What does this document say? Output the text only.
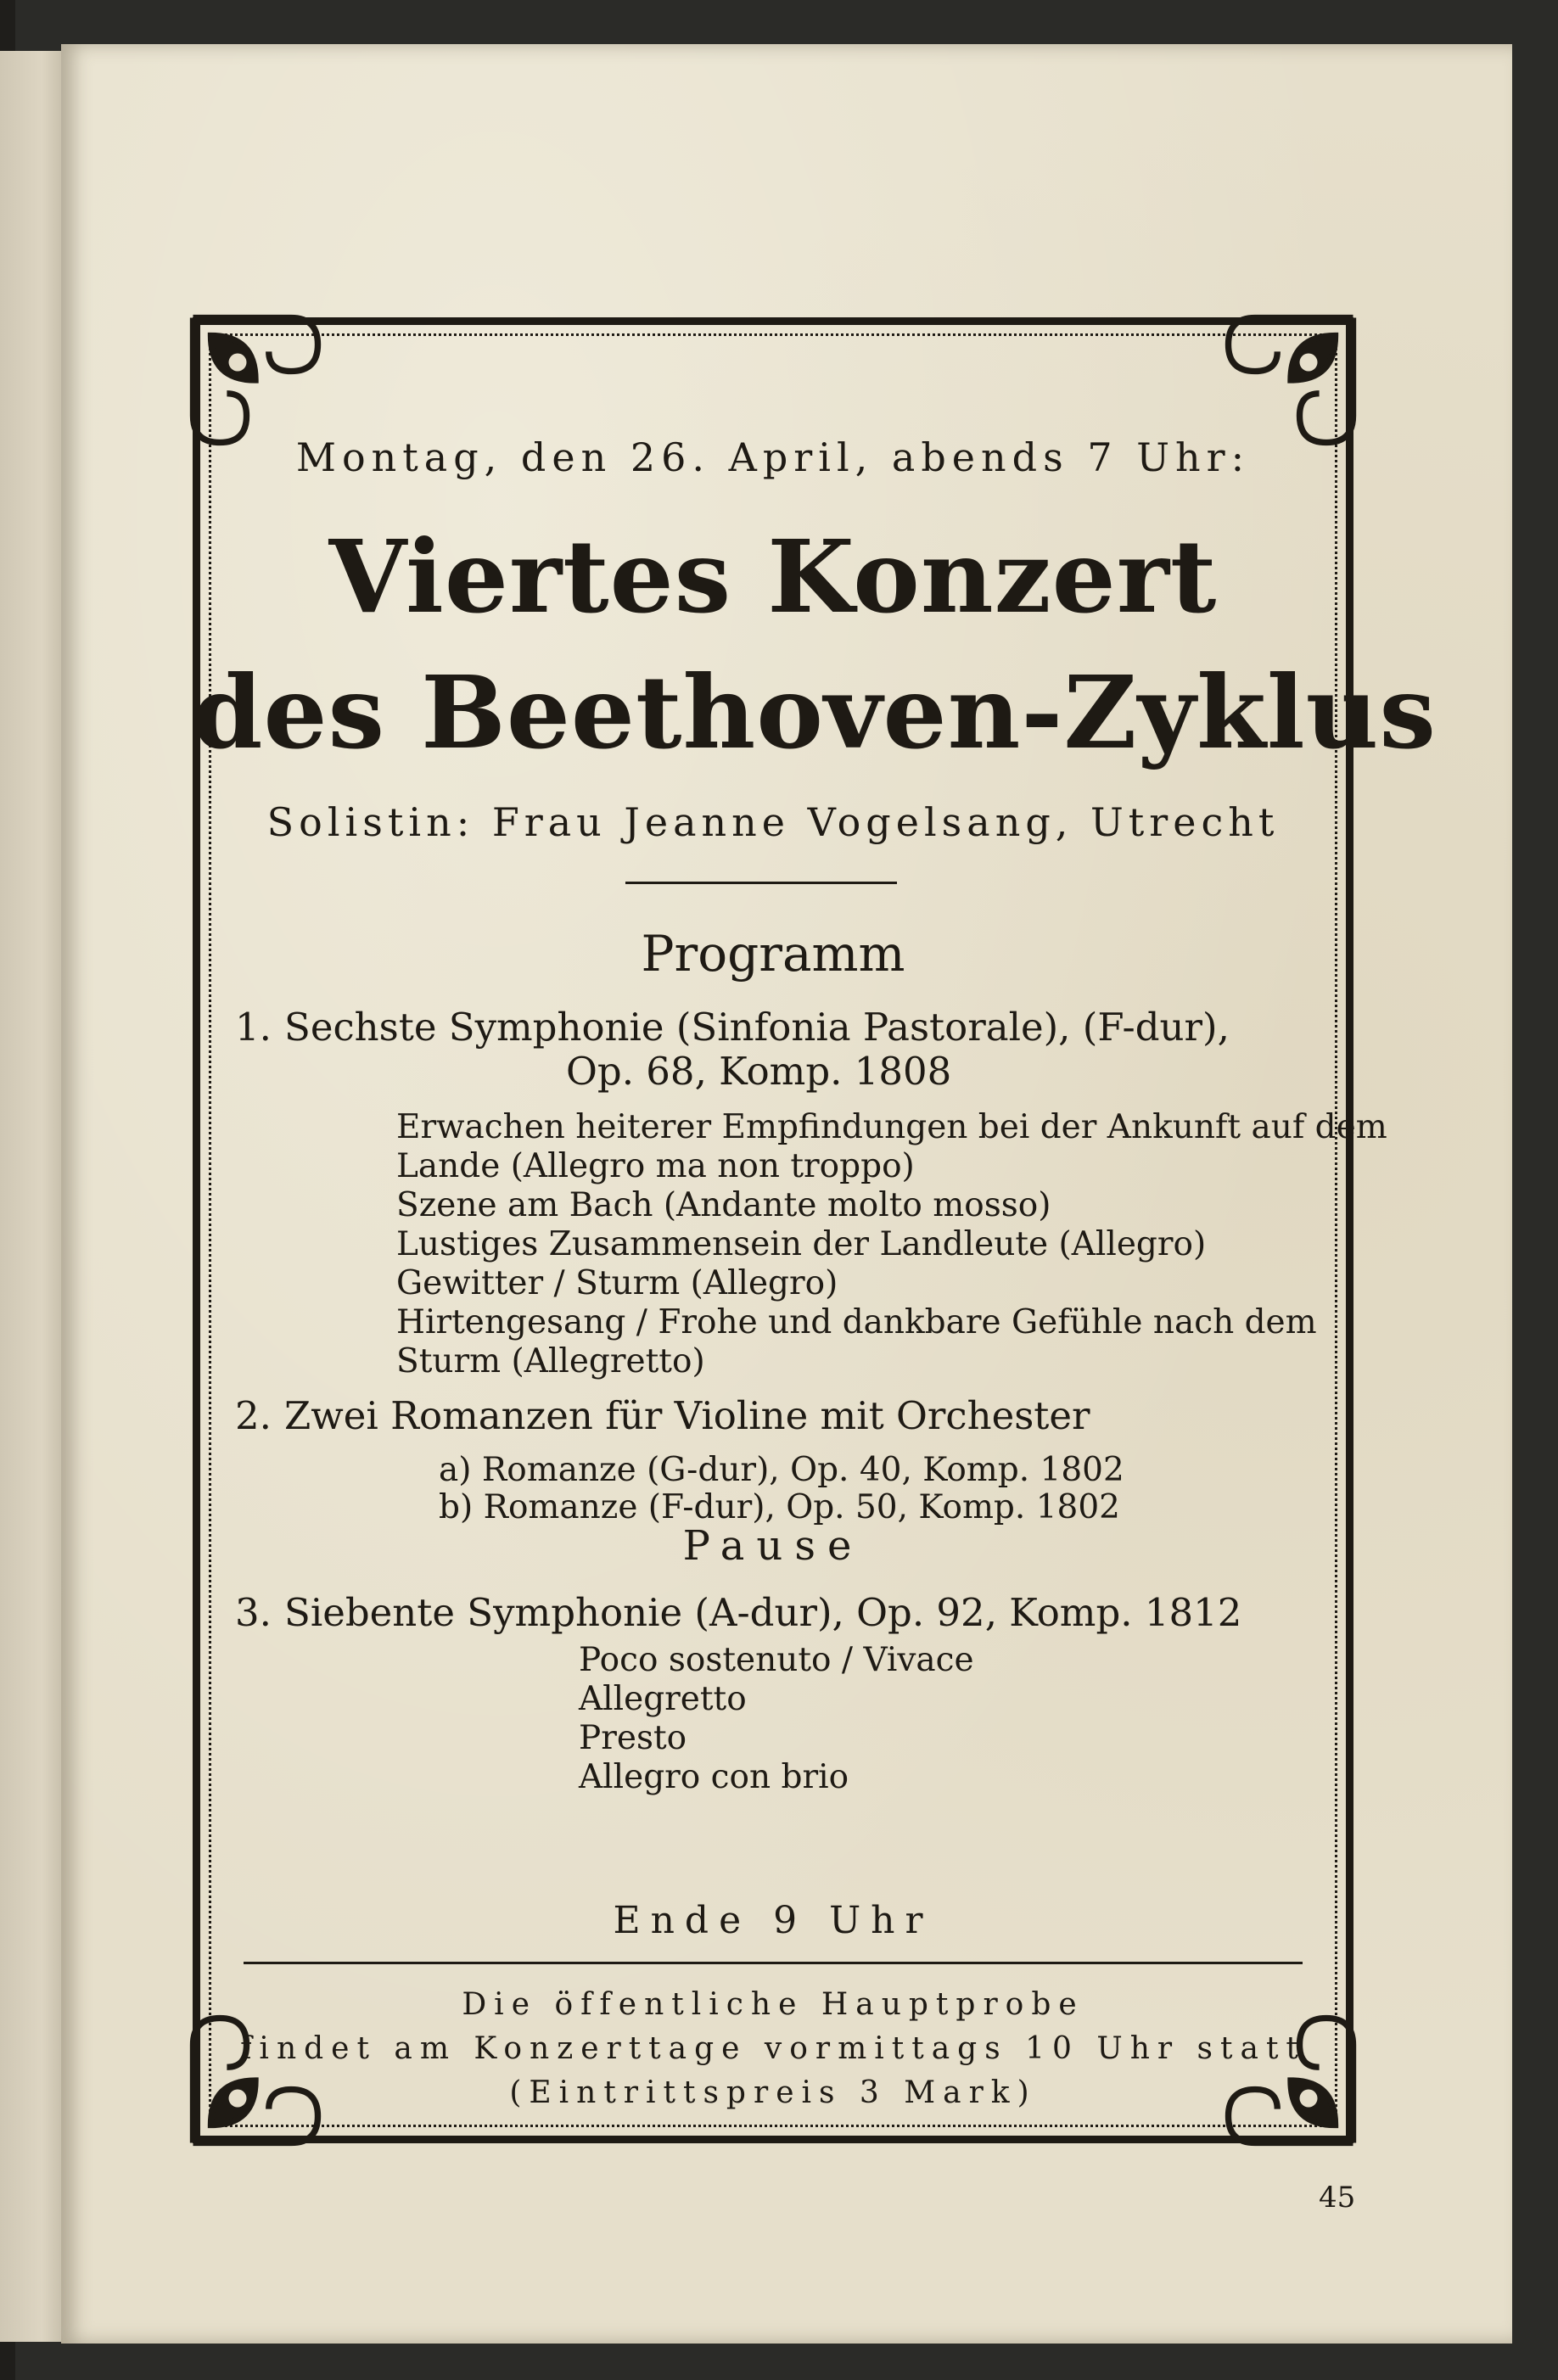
Montag, den 26. April, abends 7 Uhr:
Viertes Konzert
des Beethoven-Zyklus
Solistin: Frau Jeanne Vogelsang, Utrecht
Programm
1. Sechste Symphonie (Sinfonia Pastorale), (F-dur),
Op. 68, Komp. 1808
Erwachen heiterer Empfindungen bei der Ankunft auf dem
Lande (Allegro ma non troppo)
Szene am Bach (Andante molto mosso)
Lustiges Zusammensein der Landleute (Allegro)
Gewitter / Sturm (Allegro)
Hirtengesang / Frohe und dankbare Gefühle nach dem
Sturm (Allegretto)
2. Zwei Romanzen für Violine mit Orchester
a) Romanze (G-dur), Op. 40, Komp. 1802
b) Romanze (F-dur), Op. 50, Komp. 1802
Pause
3. Siebente Symphonie (A-dur), Op. 92, Komp. 1812
Poco sostenuto / Vivace
Allegretto
Presto
Allegro con brio
Ende 9 Uhr
Die öffentliche Hauptprobe
findet am Konzerttage vormittags 10 Uhr statt
(Eintrittspreis 3 Mark)
45
